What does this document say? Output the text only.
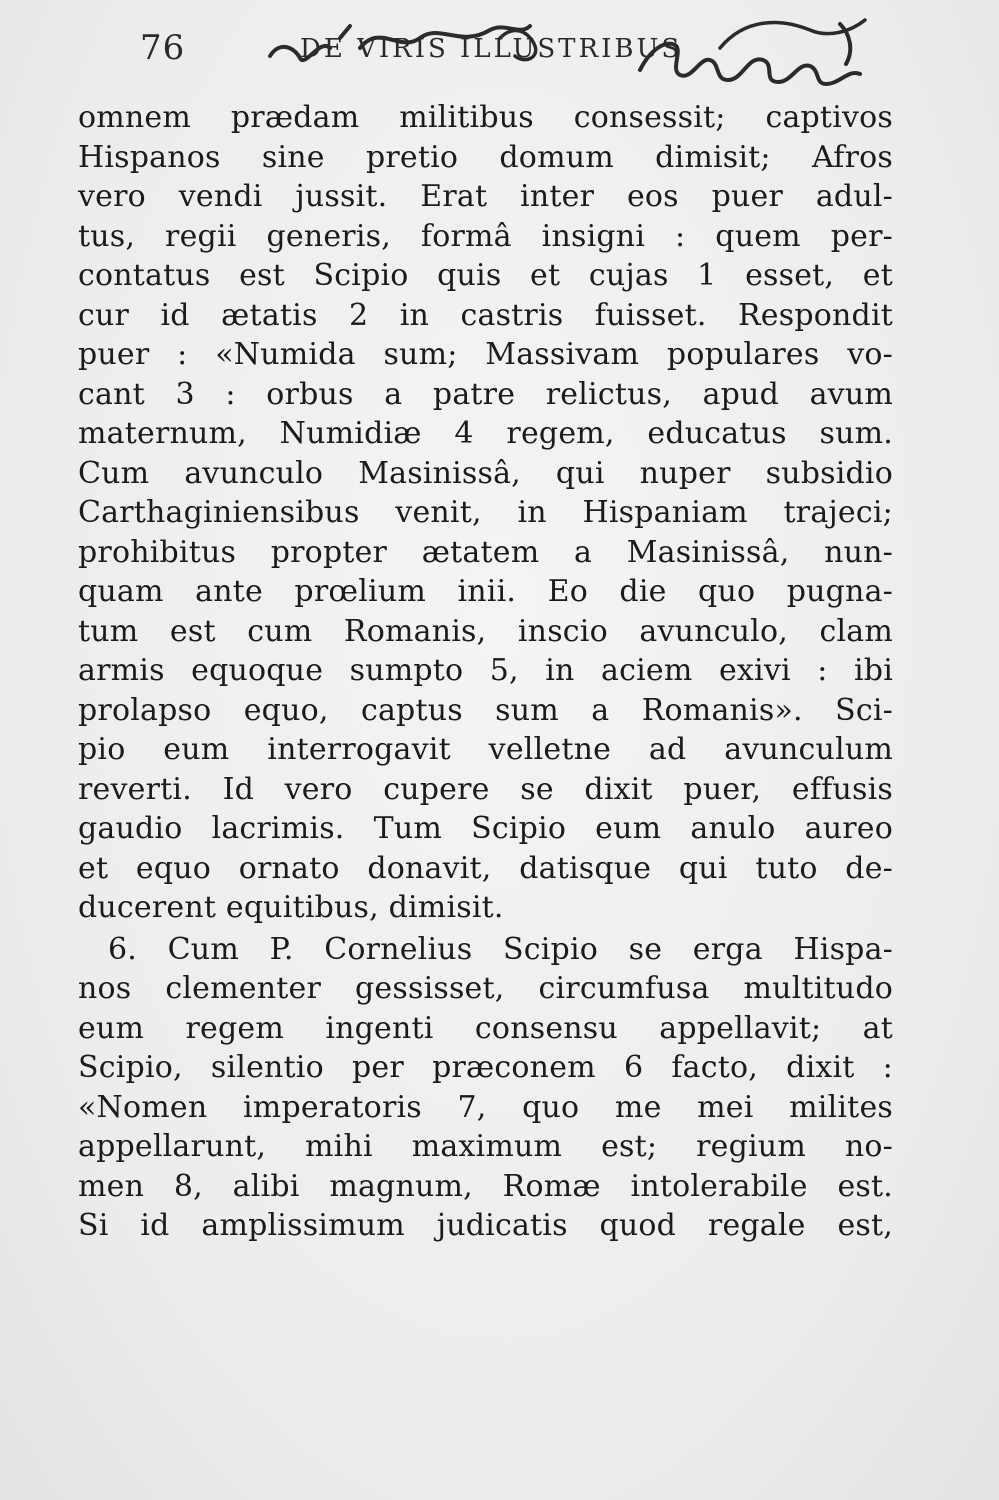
76	DE VIRIS ILLUSTRIBUS
omnem prædam militibus consessit; captivos
Hispanos sine pretio domum dimisit; Afros
vero vendi jussit. Erat inter eos puer adul-
tus, regii generis, formâ insigni : quem per-
contatus est Scipio quis et cujas 1 esset, et
cur id ætatis 2 in castris fuisset. Respondit
puer : «Numida sum; Massivam populares vo-
cant 3 : orbus a patre relictus, apud avum
maternum, Numidiæ 4 regem, educatus sum.
Cum avunculo Masinissâ, qui nuper subsidio
Carthaginiensibus venit, in Hispaniam trajeci;
prohibitus propter ætatem a Masinissâ, nun-
quam ante prœlium inii. Eo die quo pugna-
tum est cum Romanis, inscio avunculo, clam
armis equoque sumpto 5, in aciem exivi : ibi
prolapso equo, captus sum a Romanis». Sci-
pio eum interrogavit velletne ad avunculum
reverti. Id vero cupere se dixit puer, effusis
gaudio lacrimis. Tum Scipio eum anulo aureo
et equo ornato donavit, datisque qui tuto de-
ducerent equitibus, dimisit.
6. Cum P. Cornelius Scipio se erga Hispa-
nos clementer gessisset, circumfusa multitudo
eum regem ingenti consensu appellavit; at
Scipio, silentio per præconem 6 facto, dixit :
«Nomen imperatoris 7, quo me mei milites
appellarunt, mihi maximum est; regium no-
men 8, alibi magnum, Romæ intolerabile est.
Si id amplissimum judicatis quod regale est,
